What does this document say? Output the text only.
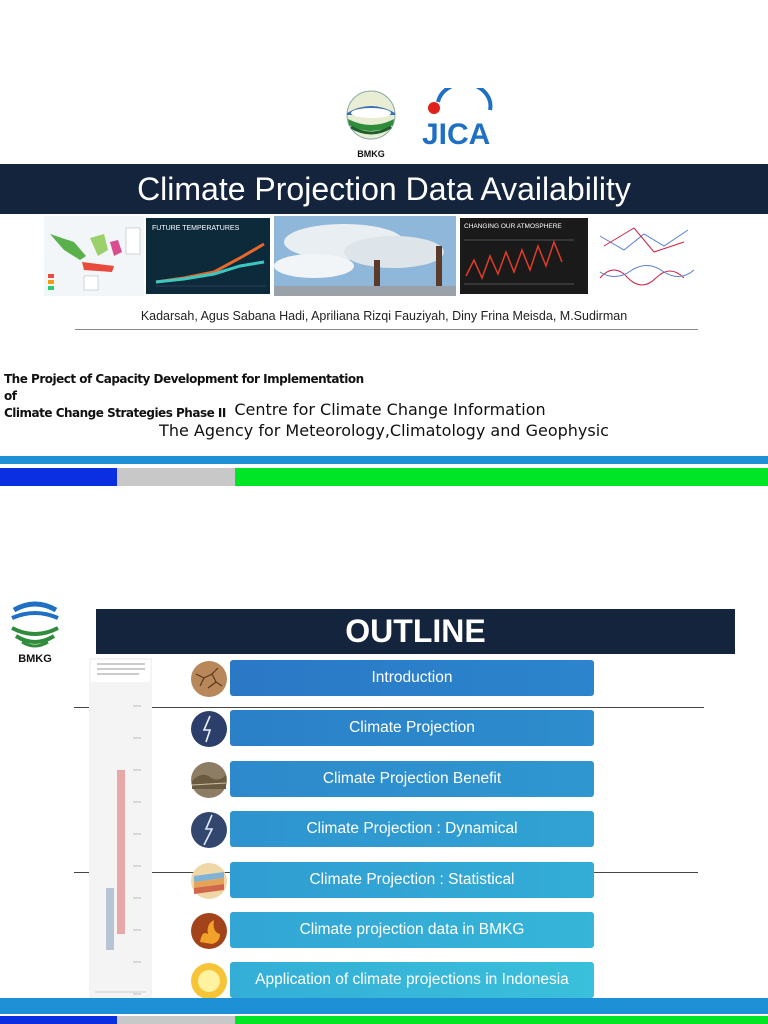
BMKG
JICA
Climate Projection Data Availability
FUTURE TEMPERATURES	CHANGING OUR ATMOSPHERE
Kadarsah, Agus Sabana Hadi, Apriliana Rizqi Fauziyah, Diny Frina Meisda, M.Sudirman
The Project of Capacity Development for Implementation of
Climate Change Strategies Phase II Centre for Climate Change Information
The Agency for Meteorology,Climatology and Geophysic
BMKG
OUTLINE
Introduction
Climate Projection
Climate Projection Benefit
Climate Projection : Dynamical
Climate Projection : Statistical
Climate projection data in BMKG
Application of climate projections in Indonesia
